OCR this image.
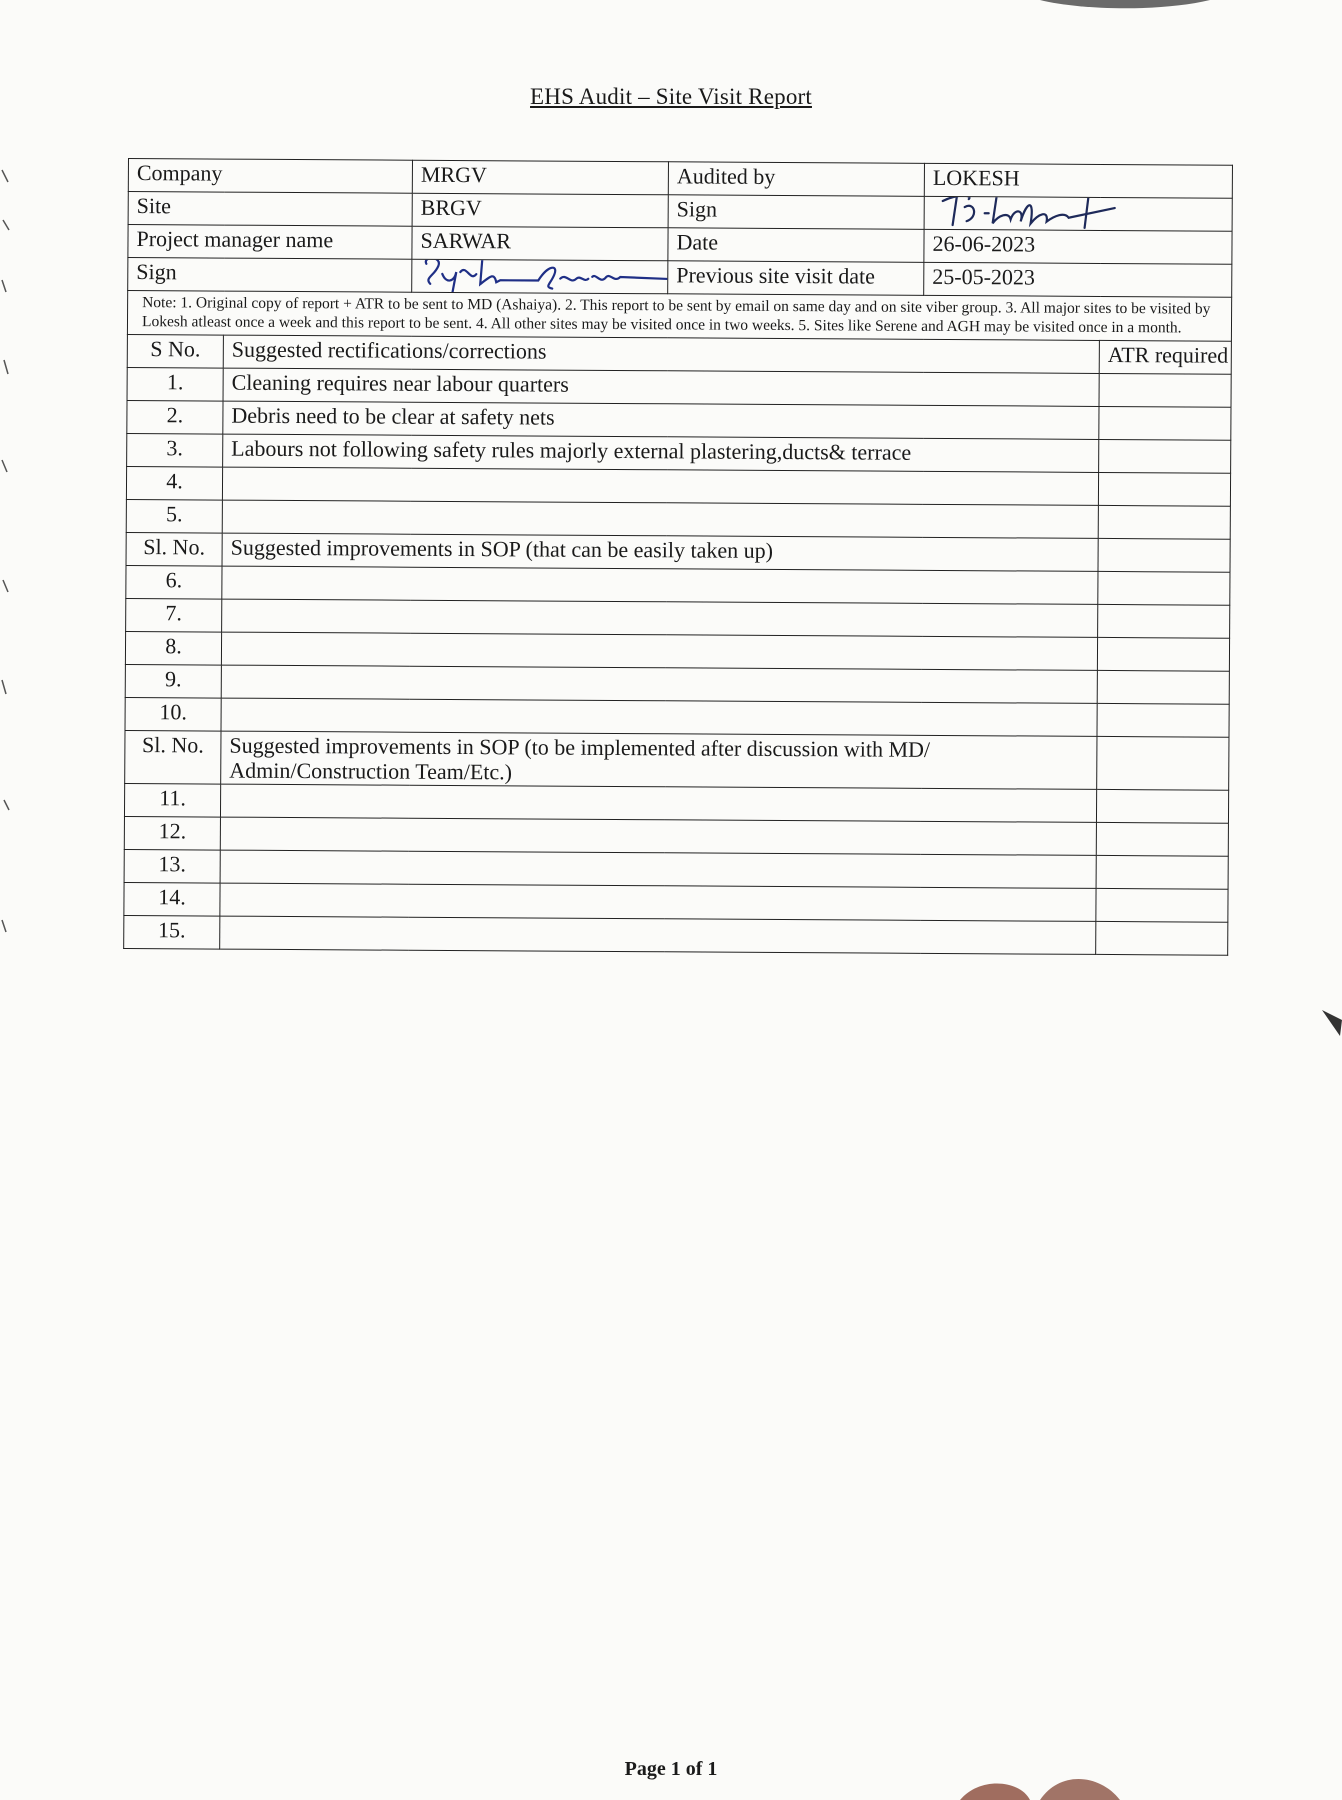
EHS Audit – Site Visit Report
Company		MRGV	Audited by	LOKESH	
Site		BRGV	Sign	

Project manager name		SARWAR	Date	26-06-2023	
Sign			Previous site visit date	25-05-2023	
Note: 1. Original copy of report + ATR to be sent to MD (Ashaiya). 2. This report to be sent by email on same day and on site viber group. 3. All major sites to be visited by Lokesh atleast once a week and this report to be sent. 4. All other sites may be visited once in two weeks. 5. Sites like Serene and AGH may be visited once in a month.					
S No.	Suggested rectifications/corrections				ATR required
1.	Cleaning requires near labour quarters				
2.	Debris need to be clear at safety nets				
3.	Labours not following safety rules majorly external plastering,ducts& terrace				
4.					
5.					
Sl. No.	Suggested improvements in SOP (that can be easily taken up)				
6.					
7.					
8.					
9.					
10.					
Sl. No.	Suggested improvements in SOP (to be implemented after discussion with MD/ Admin/Construction Team/Etc.)				
11.					
12.					
13.					
14.					
15.					
Page 1 of 1
